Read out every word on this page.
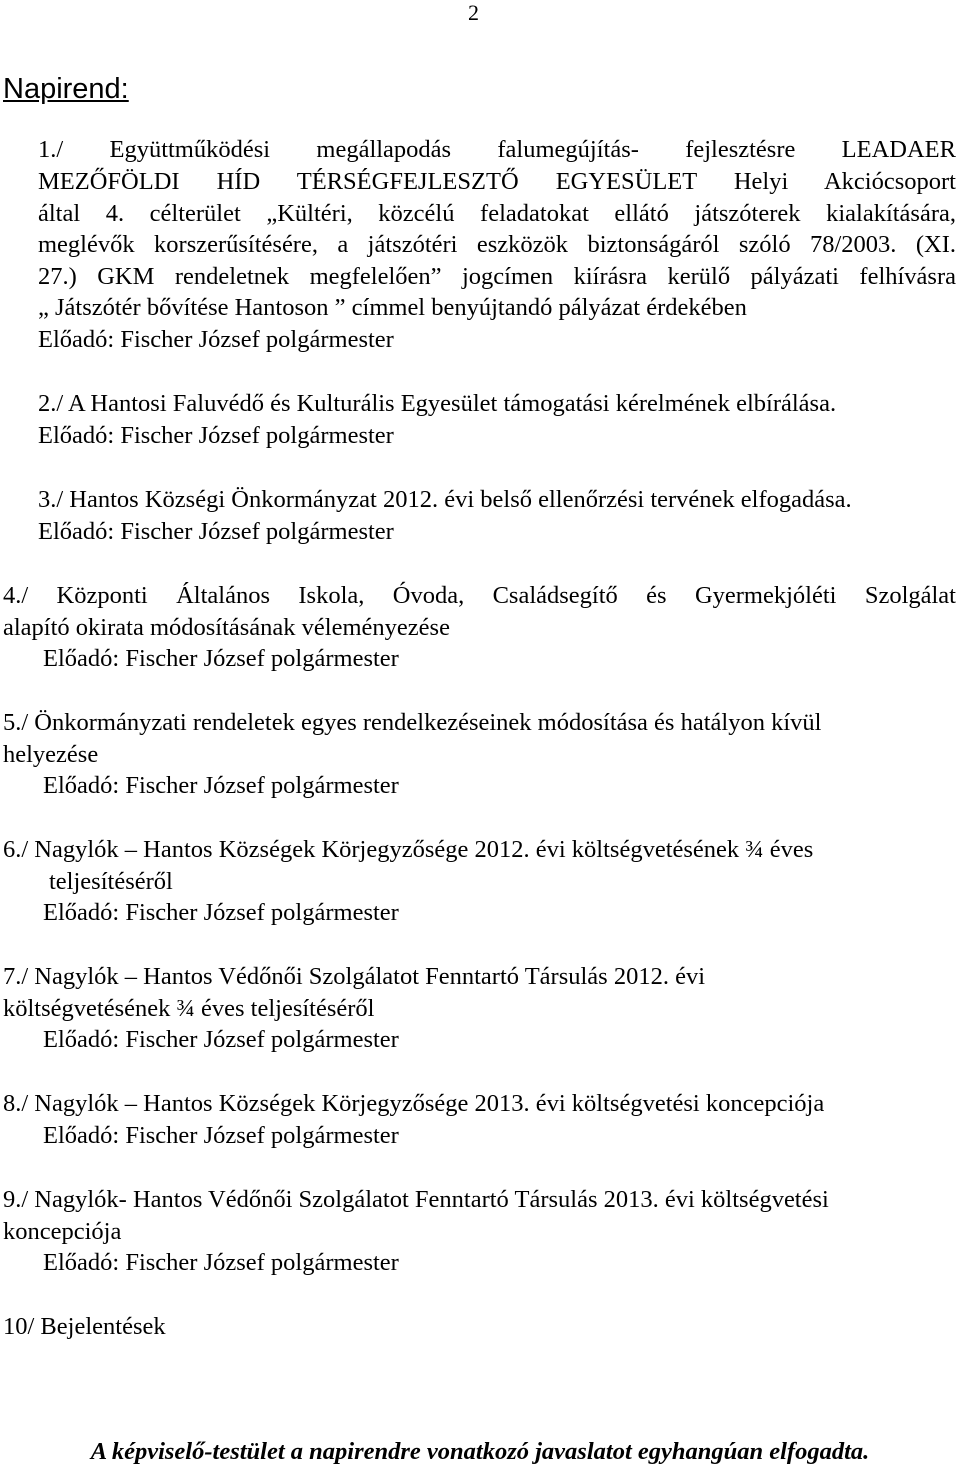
2
Napirend:
1./ Együttműködési megállapodás falumegújítás- fejlesztésre LEADAER
MEZŐFÖLDI HÍD TÉRSÉGFEJLESZTŐ EGYESÜLET Helyi Akciócsoport
által 4. célterület „Kültéri, közcélú feladatokat ellátó játszóterek kialakítására,
meglévők korszerűsítésére, a játszótéri eszközök biztonságáról szóló 78/2003. (XI.
27.) GKM rendeletnek megfelelően” jogcímen kiírásra kerülő pályázati felhívásra
„ Játszótér bővítése Hantoson ” címmel benyújtandó pályázat érdekében
Előadó: Fischer József polgármester
2./ A Hantosi Faluvédő és Kulturális Egyesület támogatási kérelmének elbírálása.
Előadó: Fischer József polgármester
3./ Hantos Községi Önkormányzat 2012. évi belső ellenőrzési tervének elfogadása.
Előadó: Fischer József polgármester
4./ Központi Általános Iskola, Óvoda, Családsegítő és Gyermekjóléti Szolgálat
alapító okirata módosításának véleményezése
Előadó: Fischer József polgármester
5./ Önkormányzati rendeletek egyes rendelkezéseinek módosítása és hatályon kívül
helyezése
Előadó: Fischer József polgármester
6./ Nagylók – Hantos Községek Körjegyzősége 2012. évi költségvetésének ¾ éves
teljesítéséről
Előadó: Fischer József polgármester
7./ Nagylók – Hantos Védőnői Szolgálatot Fenntartó Társulás 2012. évi
költségvetésének ¾ éves teljesítéséről
Előadó: Fischer József polgármester
8./ Nagylók – Hantos Községek Körjegyzősége 2013. évi költségvetési koncepciója
Előadó: Fischer József polgármester
9./ Nagylók- Hantos Védőnői Szolgálatot Fenntartó Társulás 2013. évi költségvetési
koncepciója
Előadó: Fischer József polgármester
10/ Bejelentések
A képviselő-testület a napirendre vonatkozó javaslatot egyhangúan elfogadta.
